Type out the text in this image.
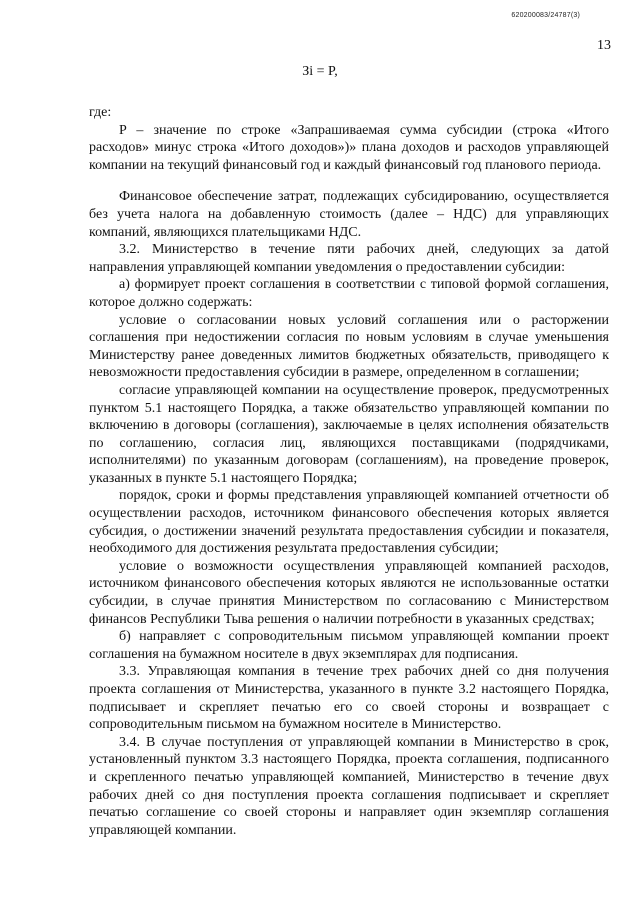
620200083/24787(3)
13
Зi = P,

где:

P – значение по строке «Запрашиваемая сумма субсидии (строка «Итого расходов» минус строка «Итого доходов»)» плана доходов и расходов управляющей компании на текущий финансовый год и каждый финансовый год планового периода.

Финансовое обеспечение затрат, подлежащих субсидированию, осуществляется без учета налога на добавленную стоимость (далее – НДС) для управляющих компаний, являющихся плательщиками НДС.

3.2. Министерство в течение пяти рабочих дней, следующих за датой направления управляющей компании уведомления о предоставлении субсидии:

а) формирует проект соглашения в соответствии с типовой формой соглашения, которое должно содержать:

условие о согласовании новых условий соглашения или о расторжении соглашения при недостижении согласия по новым условиям в случае уменьшения Министерству ранее доведенных лимитов бюджетных обязательств, приводящего к невозможности предоставления субсидии в размере, определенном в соглашении;

согласие управляющей компании на осуществление проверок, предусмотренных пунктом 5.1 настоящего Порядка, а также обязательство управляющей компании по включению в договоры (соглашения), заключаемые в целях исполнения обязательств по соглашению, согласия лиц, являющихся поставщиками (подрядчиками, исполнителями) по указанным договорам (соглашениям), на проведение проверок, указанных в пункте 5.1 настоящего Порядка;

порядок, сроки и формы представления управляющей компанией отчетности об осуществлении расходов, источником финансового обеспечения которых является субсидия, о достижении значений результата предоставления субсидии и показателя, необходимого для достижения результата предоставления субсидии;

условие о возможности осуществления управляющей компанией расходов, источником финансового обеспечения которых являются не использованные остатки субсидии, в случае принятия Министерством по согласованию с Министерством финансов Республики Тыва решения о наличии потребности в указанных средствах;

б) направляет с сопроводительным письмом управляющей компании проект соглашения на бумажном носителе в двух экземплярах для подписания.

3.3. Управляющая компания в течение трех рабочих дней со дня получения проекта соглашения от Министерства, указанного в пункте 3.2 настоящего Порядка, подписывает и скрепляет печатью его со своей стороны и возвращает с сопроводительным письмом на бумажном носителе в Министерство.

3.4. В случае поступления от управляющей компании в Министерство в срок, установленный пунктом 3.3 настоящего Порядка, проекта соглашения, подписанного и скрепленного печатью управляющей компанией, Министерство в течение двух рабочих дней со дня поступления проекта соглашения подписывает и скрепляет печатью соглашение со своей стороны и направляет один экземпляр соглашения управляющей компании.
